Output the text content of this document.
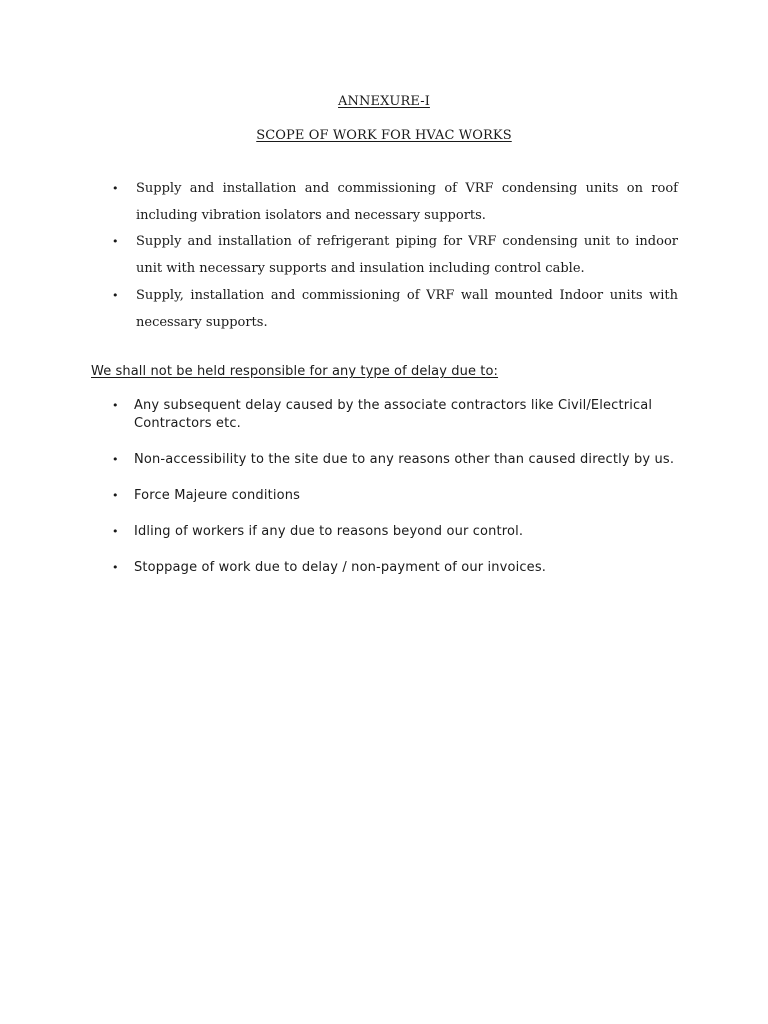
ANNEXURE-I
SCOPE OF WORK FOR HVAC WORKS
• Supply and installation and commissioning of VRF condensing units on roof including vibration isolators and necessary supports.
• Supply and installation of refrigerant piping for VRF condensing unit to indoor unit with necessary supports and insulation including control cable.
• Supply, installation and commissioning of VRF wall mounted Indoor units with necessary supports.
We shall not be held responsible for any type of delay due to:
• Any subsequent delay caused by the associate contractors like Civil/Electrical Contractors etc.
• Non-accessibility to the site due to any reasons other than caused directly by us.
• Force Majeure conditions
• Idling of workers if any due to reasons beyond our control.
• Stoppage of work due to delay / non-payment of our invoices.
